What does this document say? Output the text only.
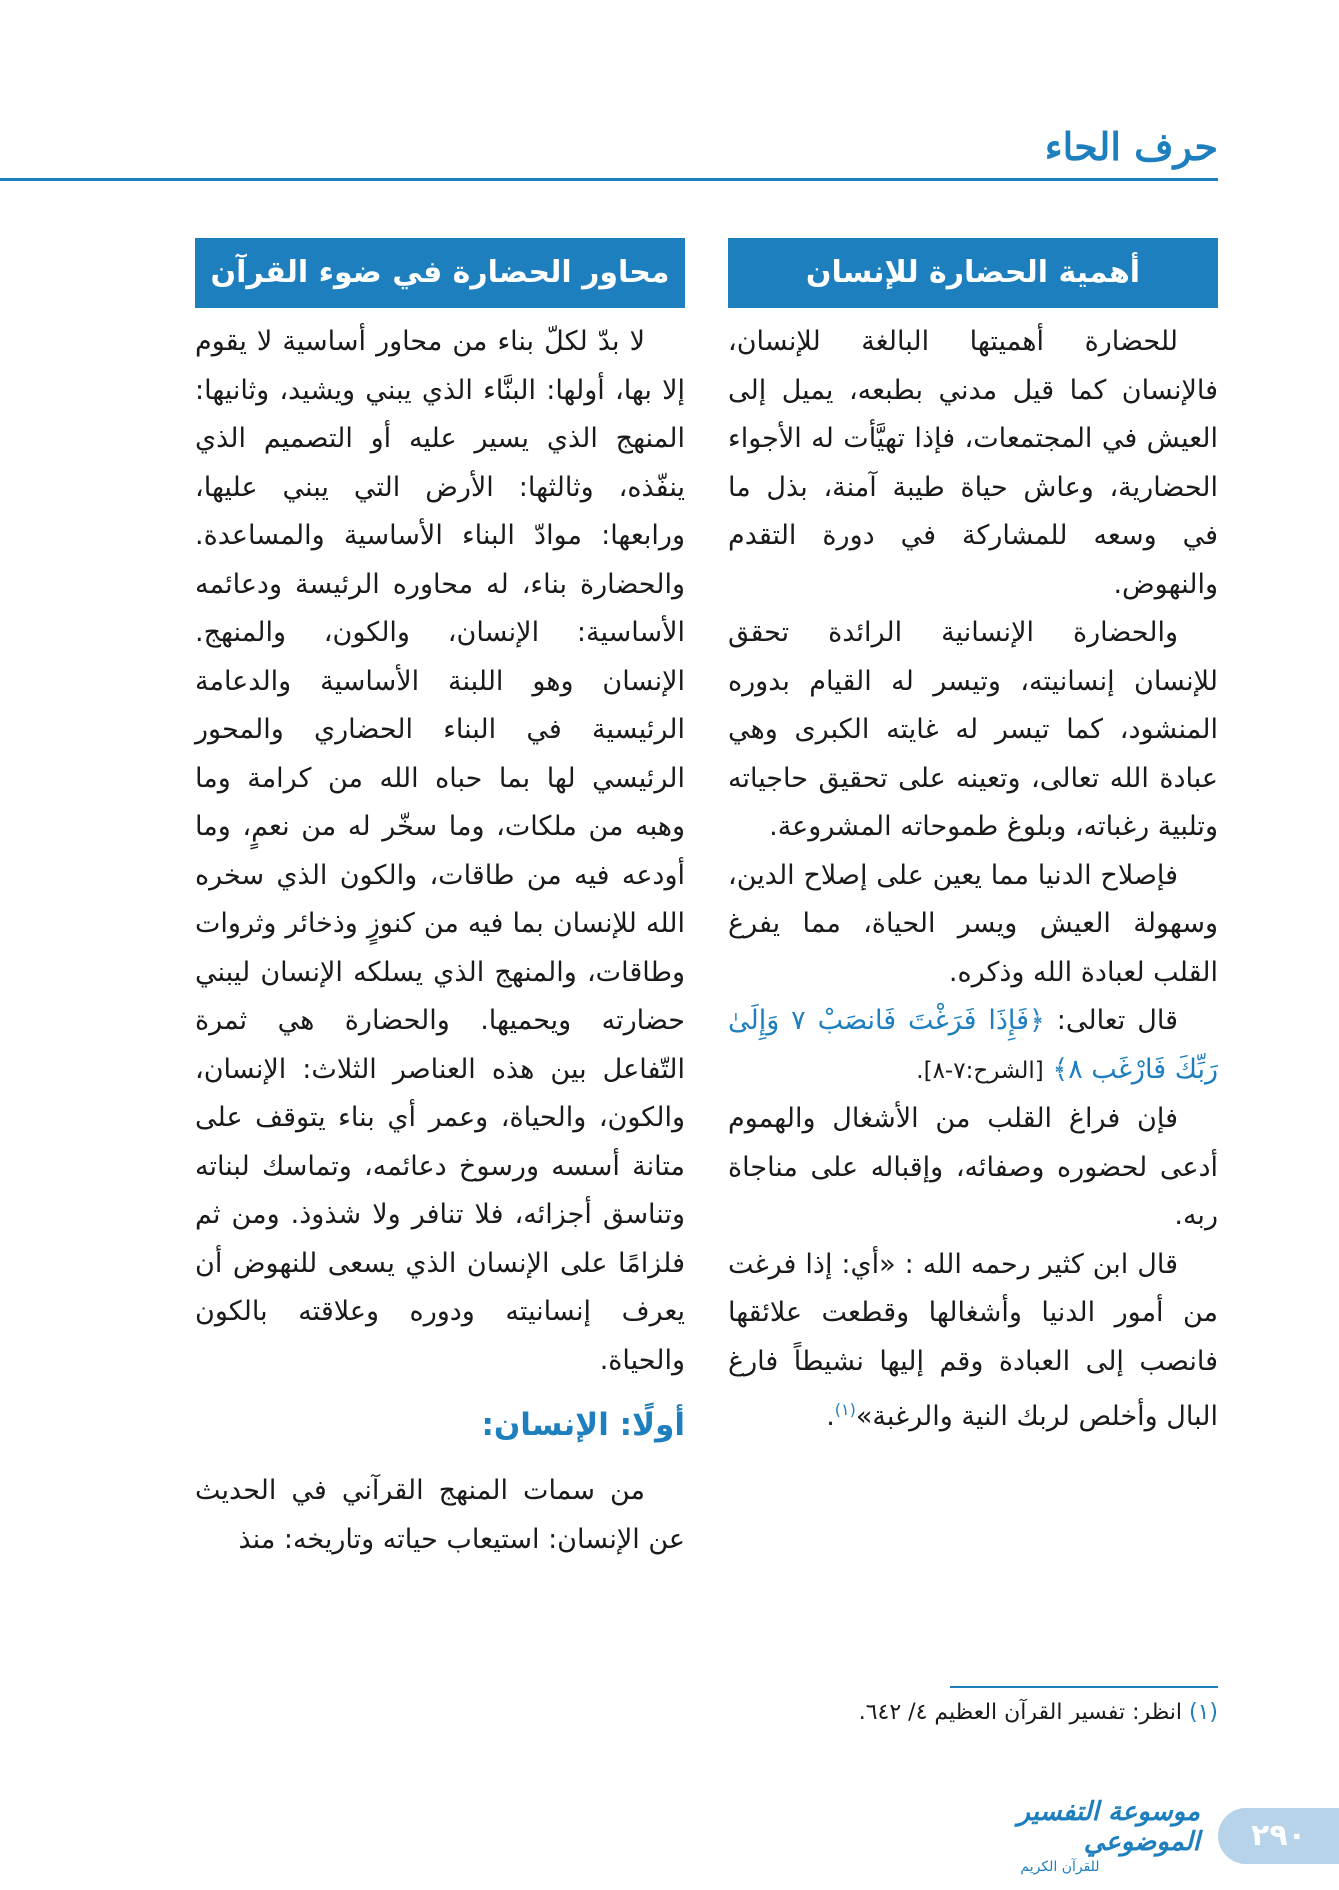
حرف الحاء
أهمية الحضارة للإنسان

للحضارة أهميتها البالغة للإنسان، فالإنسان كما قيل مدني بطبعه، يميل إلى العيش في المجتمعات، فإذا تهيَّأت له الأجواء الحضارية، وعاش حياة طيبة آمنة، بذل ما في وسعه للمشاركة في دورة التقدم والنهوض.

والحضارة الإنسانية الرائدة تحقق للإنسان إنسانيته، وتيسر له القيام بدوره المنشود، كما تيسر له غايته الكبرى وهي عبادة الله تعالى، وتعينه على تحقيق حاجياته وتلبية رغباته، وبلوغ طموحاته المشروعة.

فإصلاح الدنيا مما يعين على إصلاح الدين، وسهولة العيش ويسر الحياة، مما يفرغ القلب لعبادة الله وذكره.

قال تعالى: ﴿فَإِذَا فَرَغْتَ فَانصَبْ ٧ وَإِلَىٰ رَبِّكَ فَارْغَب ٨﴾ [الشرح:٧-٨].

فإن فراغ القلب من الأشغال والهموم أدعى لحضوره وصفائه، وإقباله على مناجاة ربه.

قال ابن كثير رحمه الله : «أي: إذا فرغت من أمور الدنيا وأشغالها وقطعت علائقها فانصب إلى العبادة وقم إليها نشيطاً فارغ البال وأخلص لربك النية والرغبة»$^{(١)}$.

محاور الحضارة في ضوء القرآن

لا بدّ لكلّ بناء من محاور أساسية لا يقوم إلا بها، أولها: البنَّاء الذي يبني ويشيد، وثانيها: المنهج الذي يسير عليه أو التصميم الذي ينفّذه، وثالثها: الأرض التي يبني عليها، ورابعها: موادّ البناء الأساسية والمساعدة. والحضارة بناء، له محاوره الرئيسة ودعائمه الأساسية: الإنسان، والكون، والمنهج. الإنسان وهو اللبنة الأساسية والدعامة الرئيسية في البناء الحضاري والمحور الرئيسي لها بما حباه الله من كرامة وما وهبه من ملكات، وما سخّر له من نعمٍ، وما أودعه فيه من طاقات، والكون الذي سخره الله للإنسان بما فيه من كنوزٍ وذخائر وثروات وطاقات، والمنهج الذي يسلكه الإنسان ليبني حضارته ويحميها. والحضارة هي ثمرة التّفاعل بين هذه العناصر الثلاث: الإنسان، والكون، والحياة، وعمر أي بناء يتوقف على متانة أسسه ورسوخ دعائمه، وتماسك لبناته وتناسق أجزائه، فلا تنافر ولا شذوذ. ومن ثم فلزامًا على الإنسان الذي يسعى للنهوض أن يعرف إنسانيته ودوره وعلاقته بالكون والحياة.

أولًا: الإنسان:

من سمات المنهج القرآني في الحديث عن الإنسان: استيعاب حياته وتاريخه: منذ

(١) انظر: تفسير القرآن العظيم ٤/ ٦٤٢.

موسوعة التفسير الموضوعي
للقرآن الكريم
٢٩٠
